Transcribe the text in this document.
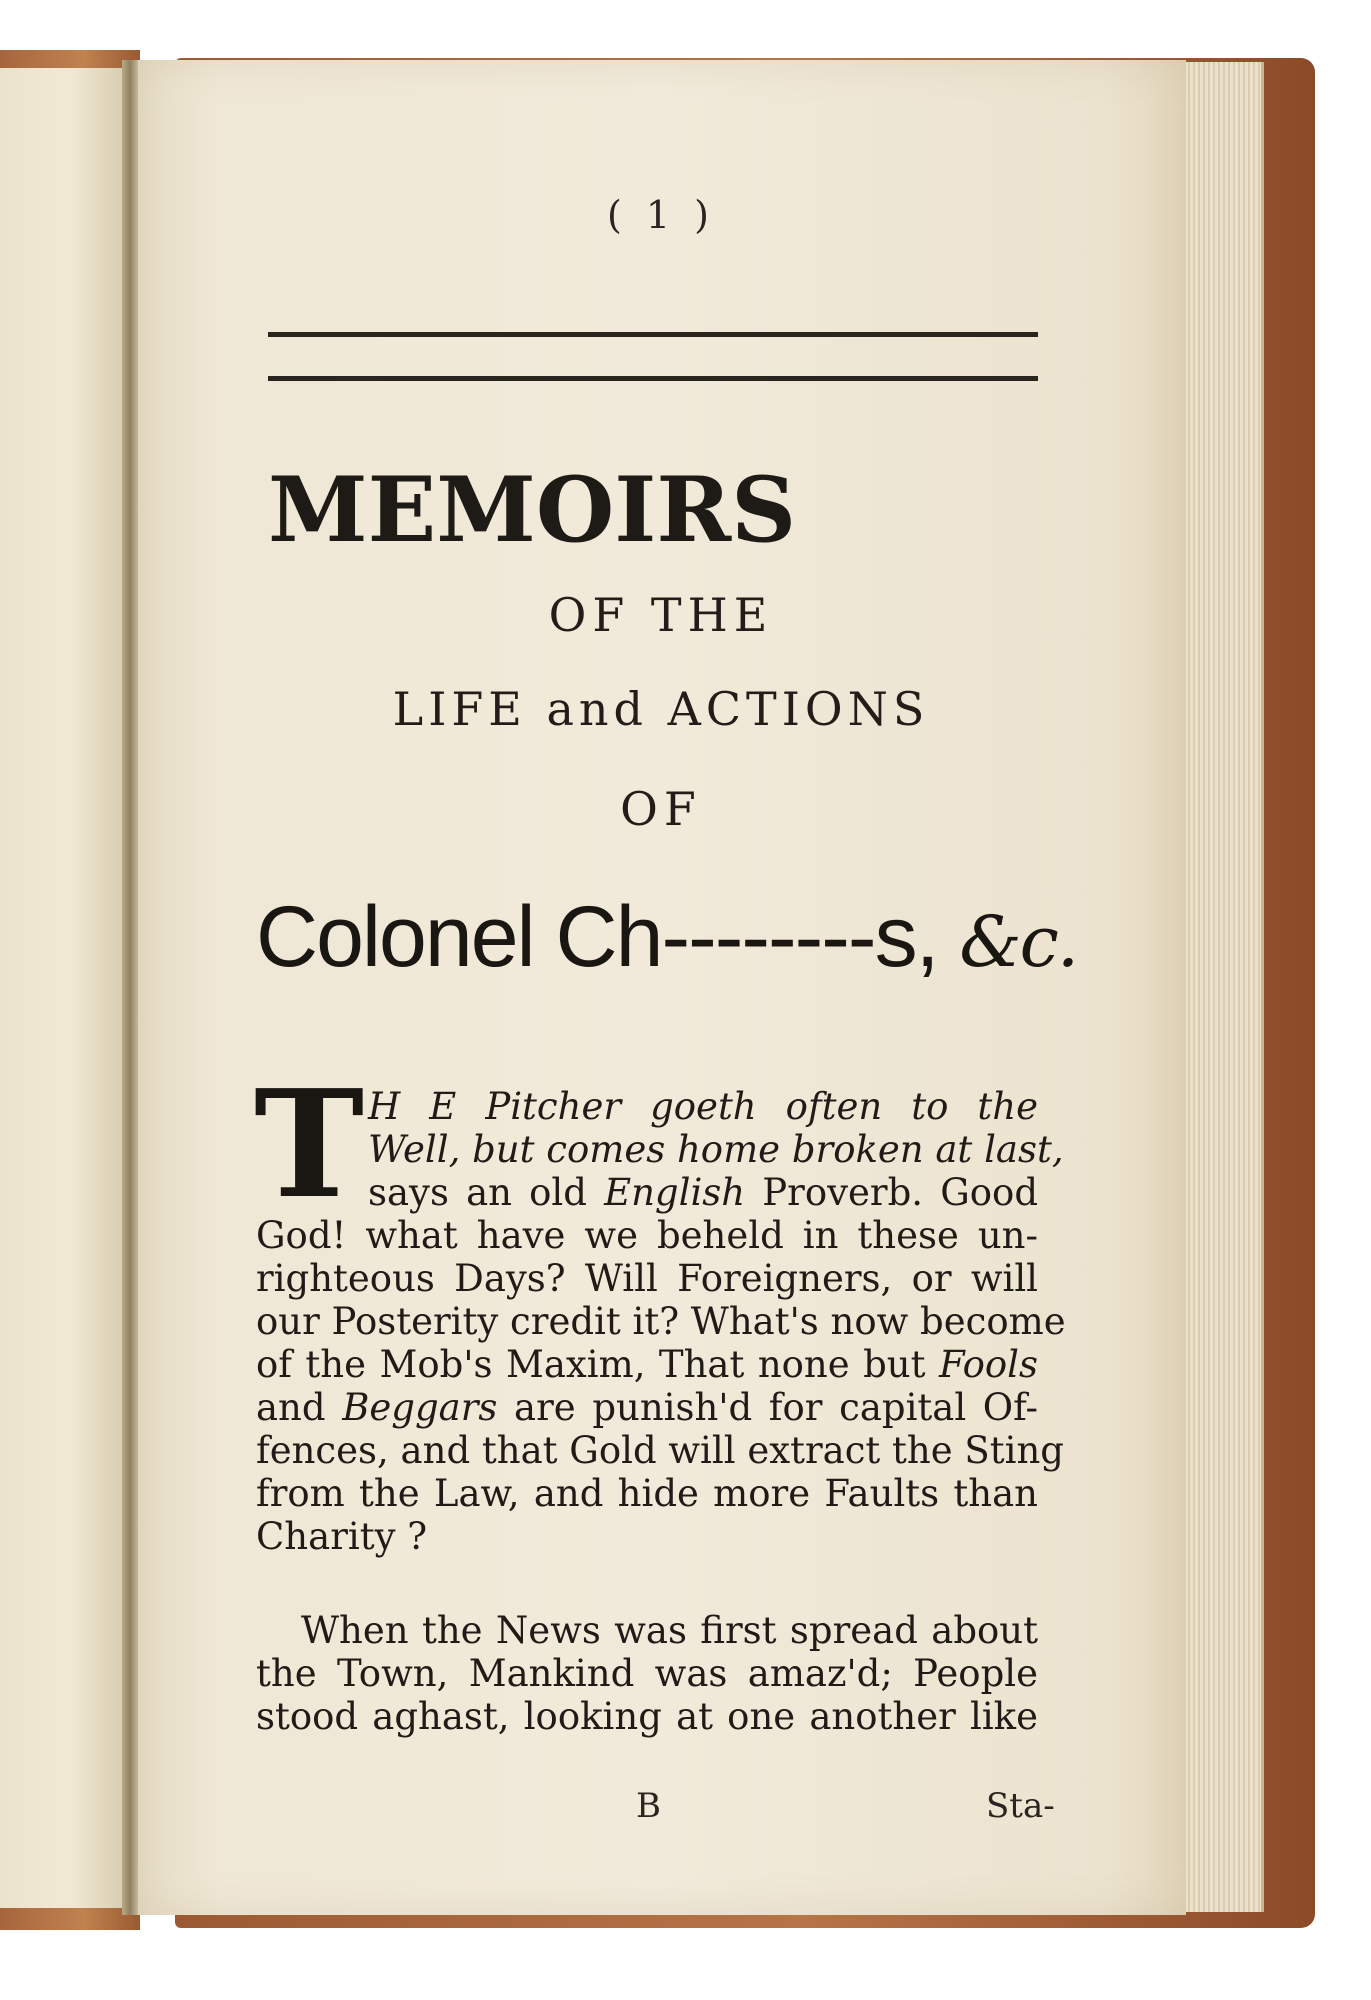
( 1 )
MEMOIRS
OF THE
LIFE and ACTIONS
OF
Colonel Ch--------s, &c.
T H E Pitcher goeth often to the
Well, but comes home broken at last,
says an old English Proverb. Good
God! what have we beheld in these un-
righteous Days? Will Foreigners, or will
our Posterity credit it? What's now become
of the Mob's Maxim, That none but Fools
and Beggars are punish'd for capital Of-
fences, and that Gold will extract the Sting
from the Law, and hide more Faults than
Charity ?
When the News was first spread about
the Town, Mankind was amaz'd; People
stood aghast, looking at one another like
B	Sta-
